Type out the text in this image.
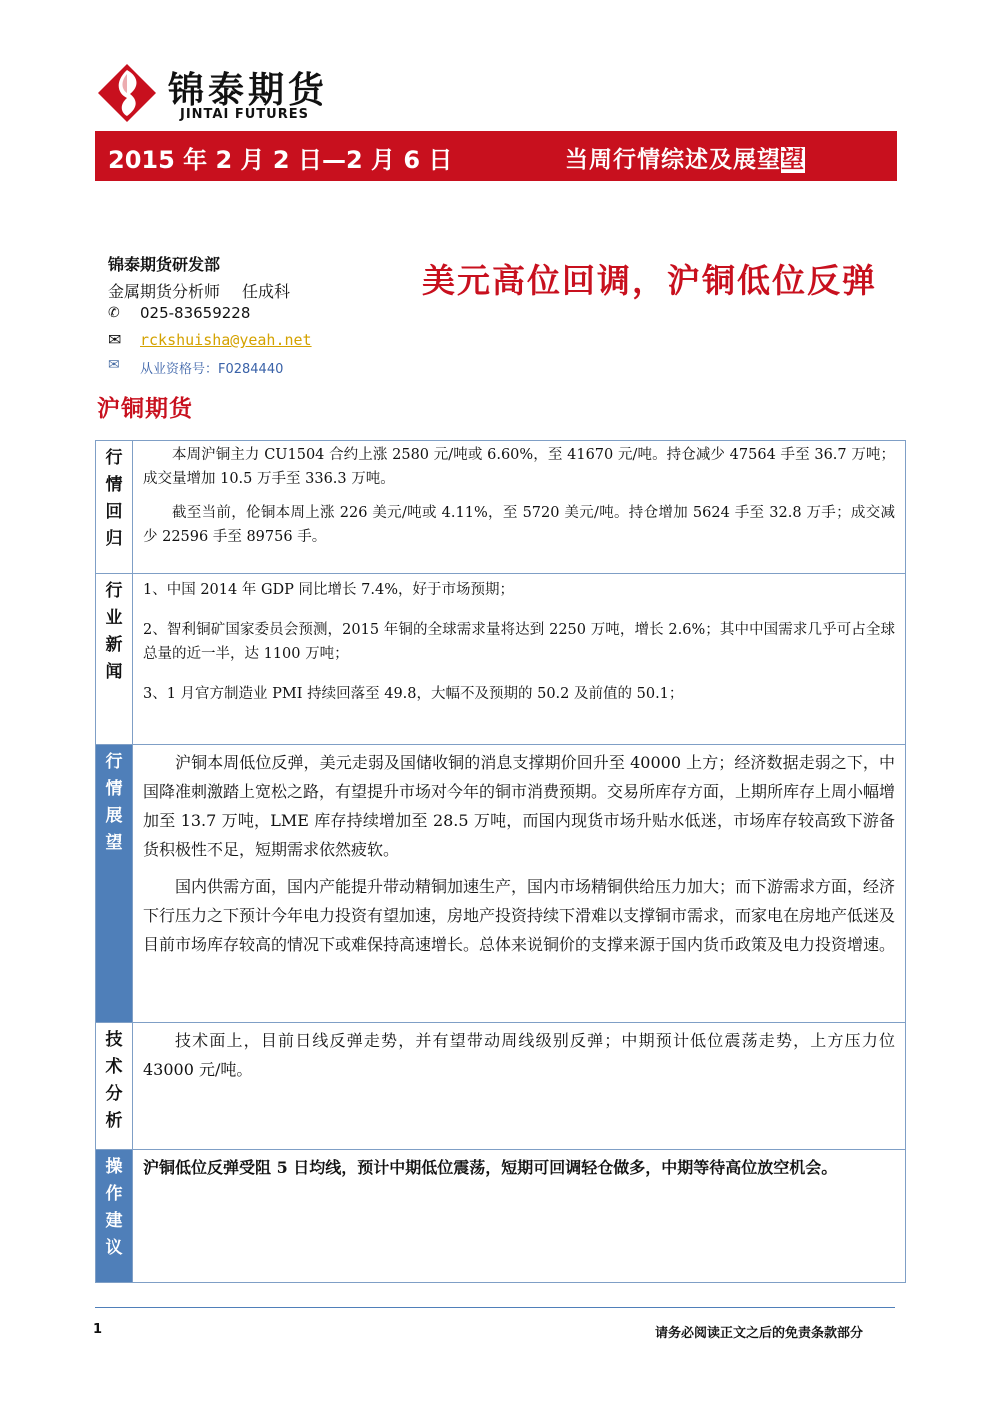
锦泰期货
JINTAI FUTURES
2015 年 2 月 2 日—2 月 6 日	当周行情综述及展望望
锦泰期货研发部
金属期货分析师 任成科
✆ 025-83659228
✉ rckshuisha@yeah.net
✉ 从业资格号：F0284440
美元高位回调，沪铜低位反弹
沪铜期货
行
情
回
归

本周沪铜主力 CU1504 合约上涨 2580 元/吨或 6.60%，至 41670 元/吨。持仓减少 47564 手至 36.7 万吨；成交量增加 10.5 万手至 336.3 万吨。

截至当前，伦铜本周上涨 226 美元/吨或 4.11%，至 5720 美元/吨。持仓增加 5624 手至 32.8 万手；成交减少 22596 手至 89756 手。

行
业
新
闻

1、中国 2014 年 GDP 同比增长 7.4%，好于市场预期；

2、智利铜矿国家委员会预测，2015 年铜的全球需求量将达到 2250 万吨，增长 2.6%；其中中国需求几乎可占全球总量的近一半，达 1100 万吨；

3、1 月官方制造业 PMI 持续回落至 49.8，大幅不及预期的 50.2 及前值的 50.1；

行
情
展
望

沪铜本周低位反弹，美元走弱及国储收铜的消息支撑期价回升至 40000 上方；经济数据走弱之下，中国降准刺激踏上宽松之路，有望提升市场对今年的铜市消费预期。交易所库存方面，上期所库存上周小幅增加至 13.7 万吨，LME 库存持续增加至 28.5 万吨，而国内现货市场升贴水低迷，市场库存较高致下游备货积极性不足，短期需求依然疲软。

国内供需方面，国内产能提升带动精铜加速生产，国内市场精铜供给压力加大；而下游需求方面，经济下行压力之下预计今年电力投资有望加速，房地产投资持续下滑难以支撑铜市需求，而家电在房地产低迷及目前市场库存较高的情况下或难保持高速增长。总体来说铜价的支撑来源于国内货币政策及电力投资增速。

技
术
分
析

技术面上，目前日线反弹走势，并有望带动周线级别反弹；中期预计低位震荡走势，上方压力位 43000 元/吨。

操
作
建
议

沪铜低位反弹受阻 5 日均线，预计中期低位震荡，短期可回调轻仓做多，中期等待高位放空机会。

1	请务必阅读正文之后的免责条款部分
